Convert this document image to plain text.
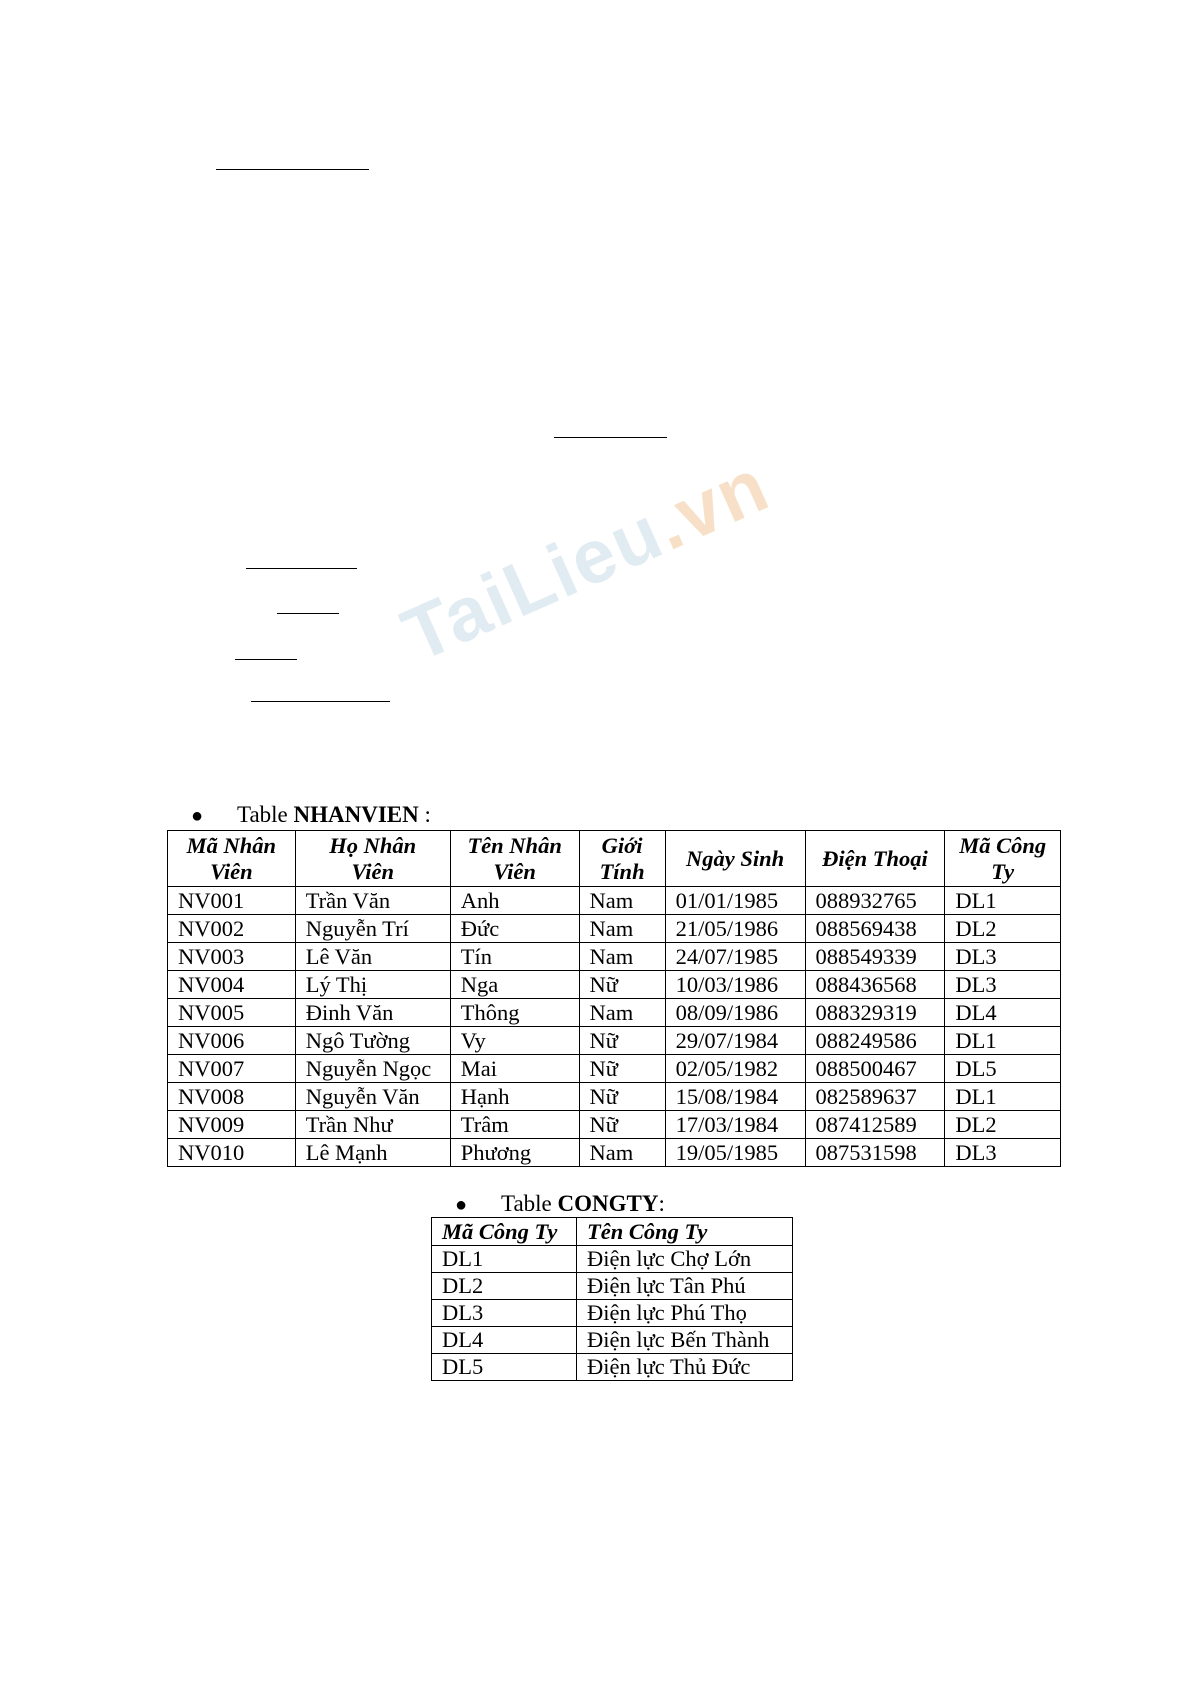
TaiLieu.vn
● Table NHANVIEN :
Mã Nhân Viên	Họ Nhân Viên	Tên Nhân Viên	Giới Tính	Ngày Sinh	Điện Thoại	Mã Công Ty
NV001	Trần Văn	Anh	Nam	01/01/1985	088932765	DL1
NV002	Nguyễn Trí	Đức	Nam	21/05/1986	088569438	DL2
NV003	Lê Văn	Tín	Nam	24/07/1985	088549339	DL3
NV004	Lý Thị	Nga	Nữ	10/03/1986	088436568	DL3
NV005	Đinh Văn	Thông	Nam	08/09/1986	088329319	DL4
NV006	Ngô Tường	Vy	Nữ	29/07/1984	088249586	DL1
NV007	Nguyễn Ngọc	Mai	Nữ	02/05/1982	088500467	DL5
NV008	Nguyễn Văn	Hạnh	Nữ	15/08/1984	082589637	DL1
NV009	Trần Như	Trâm	Nữ	17/03/1984	087412589	DL2
NV010	Lê Mạnh	Phương	Nam	19/05/1985	087531598	DL3
● Table CONGTY:
Mã Công Ty	Tên Công Ty
DL1	Điện lực Chợ Lớn
DL2	Điện lực Tân Phú
DL3	Điện lực Phú Thọ
DL4	Điện lực Bến Thành
DL5	Điện lực Thủ Đức
